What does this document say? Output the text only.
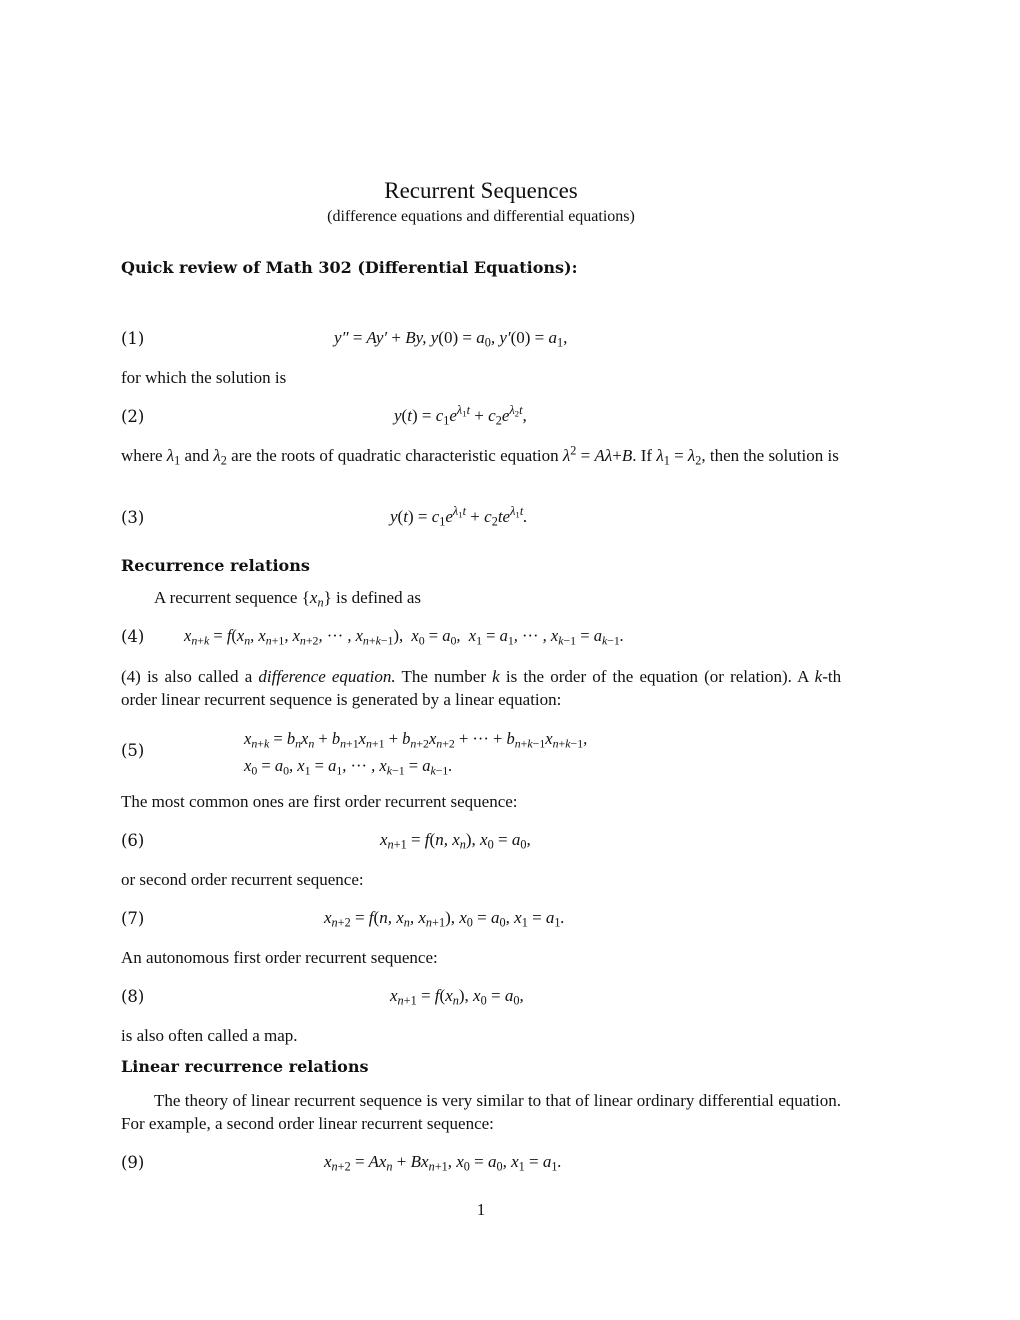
Recurrent Sequences
(difference equations and differential equations)
Quick review of Math 302 (Differential Equations):
(1)	y″ = Ay′ + By, $y(0) = a_0$, $y'(0) = a_1$,
for which the solution is
(2)	$y(t) = c_1e^{\lambda_1t} + c_2e^{\lambda_2t}$,
where $\lambda_1$ and $\lambda_2$ are the roots of quadratic characteristic equation $\lambda^2 = A\lambda+B$. If $\lambda_1 = \lambda_2$, then the solution is
(3)	$y(t) = c_1e^{\lambda_1t} + c_2te^{\lambda_1t}$.
Recurrence relations
A recurrent sequence $\{x_n\}$ is defined as
(4) $x_{n+k} = f(x_n$, $x_{n+1}$, $x_{n+2}$, ··· , $x_{n+k-1}$),  $x_0 = a_0$,  $x_1 = a_1$, ··· , $x_{k-1} = a_{k-1}$.
(4) is also called a difference equation. The number k is the order of the equation (or relation). A k-th order linear recurrent sequence is generated by a linear equation:
(5)
$x_{n+k} = b_nx_n + b_{n+1}x_{n+1} + b_{n+2}x_{n+2}$ + ··· + $b_{n+k-1}x_{n+k-1}$,
$x_0 = a_0$, $x_1 = a_1$, ··· , $x_{k-1} = a_{k-1}$.
The most common ones are first order recurrent sequence:
(6)	$x_{n+1} = f(n$, $x_n$), $x_0 = a_0$,
or second order recurrent sequence:
(7)	$x_{n+2} = f(n$, $x_n$, $x_{n+1}$), $x_0 = a_0$, $x_1 = a_1$.
An autonomous first order recurrent sequence:
(8)	$x_{n+1} = f(x_n)$, $x_0 = a_0$,
is also often called a map.
Linear recurrence relations
The theory of linear recurrent sequence is very similar to that of linear ordinary differential equation. For example, a second order linear recurrent sequence:
(9)	$x_{n+2} = Ax_n + Bx_{n+1}$, $x_0 = a_0$, $x_1 = a_1$.
1
